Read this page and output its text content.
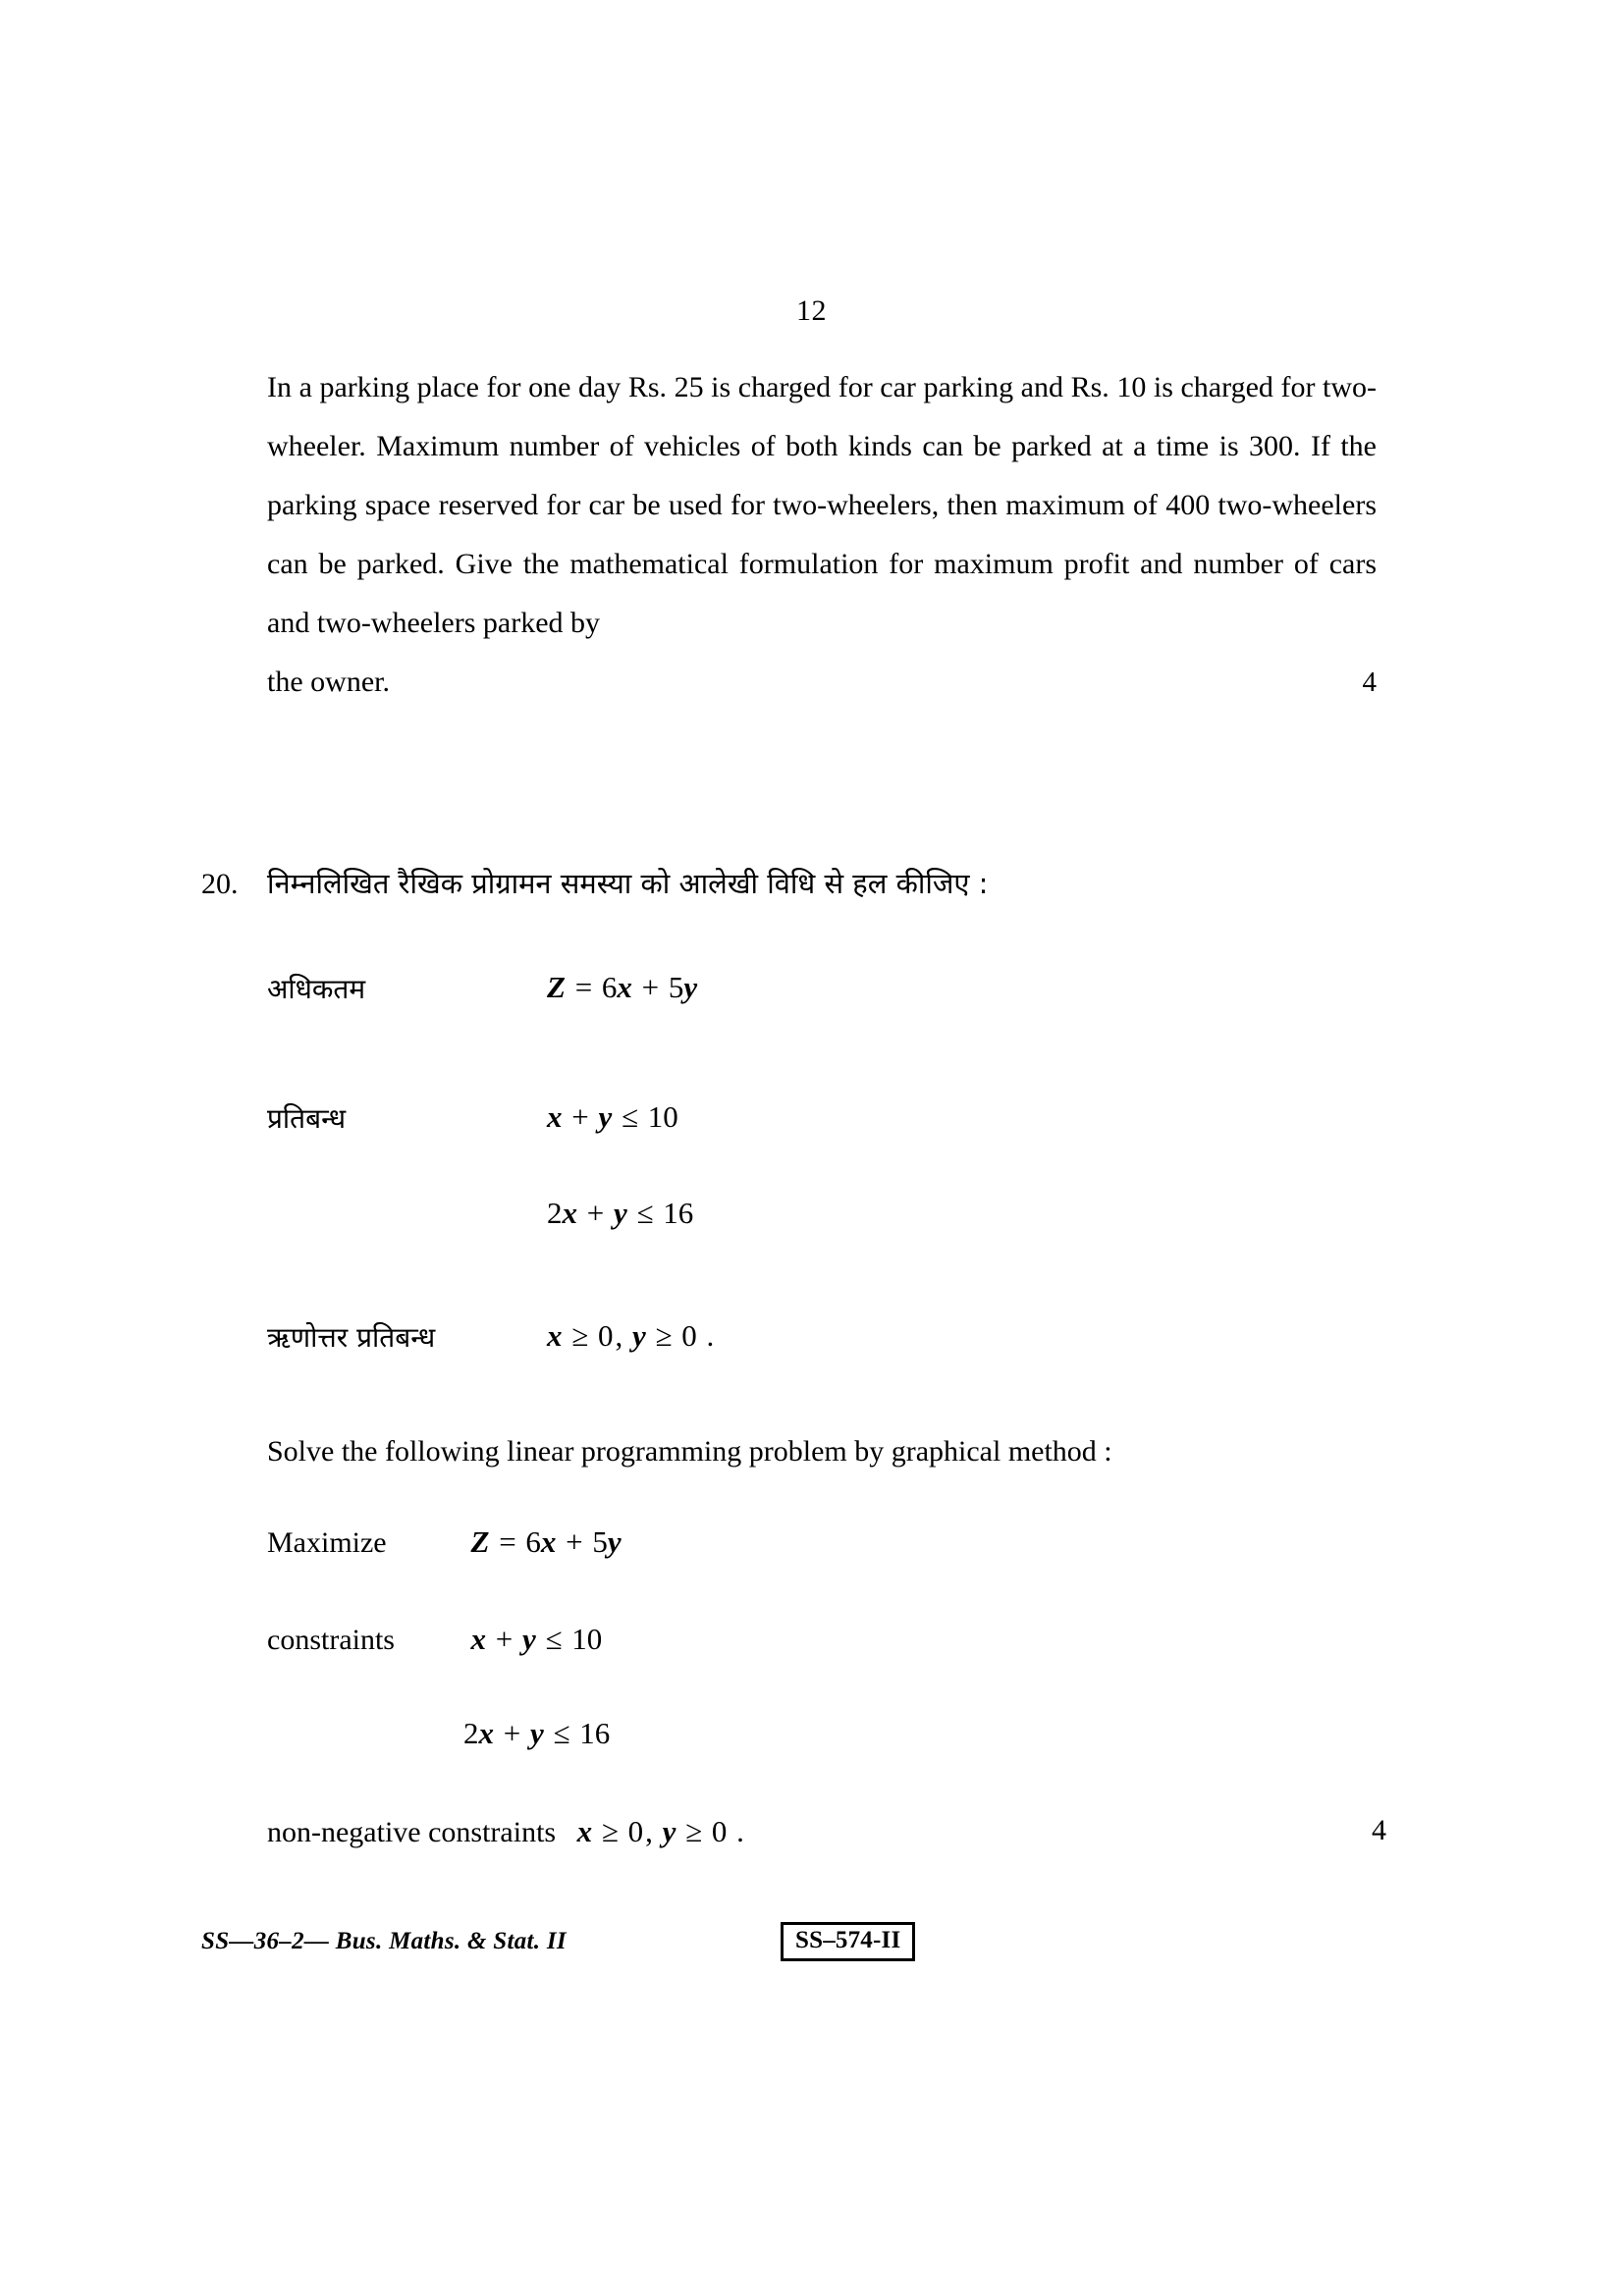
12

In a parking place for one day Rs. 25 is charged for car parking and Rs. 10 is charged for two-wheeler. Maximum number of vehicles of both kinds can be parked at a time is 300. If the parking space reserved for car be used for two-wheelers, then maximum of 400 two-wheelers can be parked. Give the mathematical formulation for maximum profit and number of cars and two-wheelers parked by

the owner.	4
20. निम्नलिखित रैखिक प्रोग्रामन समस्या को आलेखी विधि से हल कीजिए :
अधिकतम	Z = 6x + 5y
प्रतिबन्ध	x + y ≤ 10
2x + y ≤ 16
ऋणोत्तर प्रतिबन्ध	x ≥ 0, y ≥ 0 .
Solve the following linear programming problem by graphical method :
Maximize	Z = 6x + 5y
constraints	x + y ≤ 10
2x + y ≤ 16
non-negative constraints x ≥ 0, y ≥ 0 .	4
SS—36–2— Bus. Maths. & Stat. II	SS–574-II
